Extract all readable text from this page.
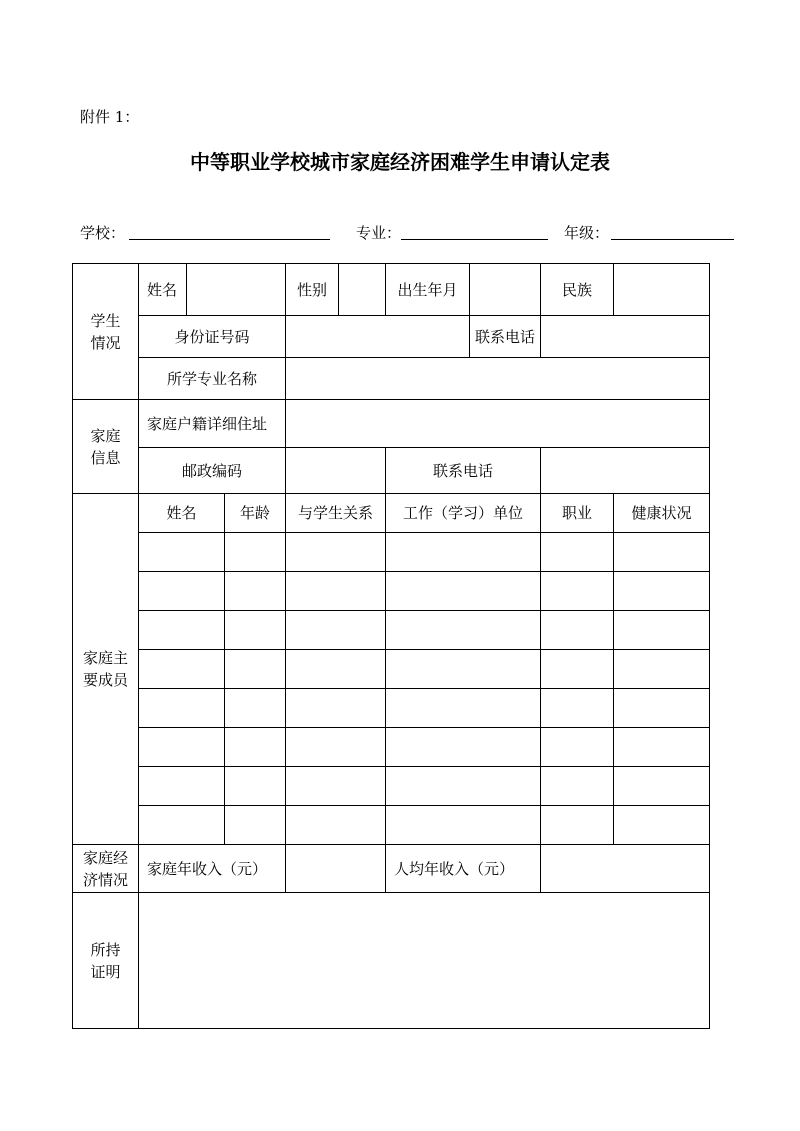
附件 1：
中等职业学校城市家庭经济困难学生申请认定表
学校：	专业：	年级：
学生
情况	姓名			性别		出生年月		民族	
	身份证号码						联系电话		
	所学专业名称								

家庭
信息	家庭户籍详细住址								
	邮政编码					联系电话			

家庭主
要成员	姓名		年龄	与学生关系		工作（学习）单位		职业	健康状况

家庭经
济情况	家庭年收入（元）					人均年收入（元）			

所持
证明									
